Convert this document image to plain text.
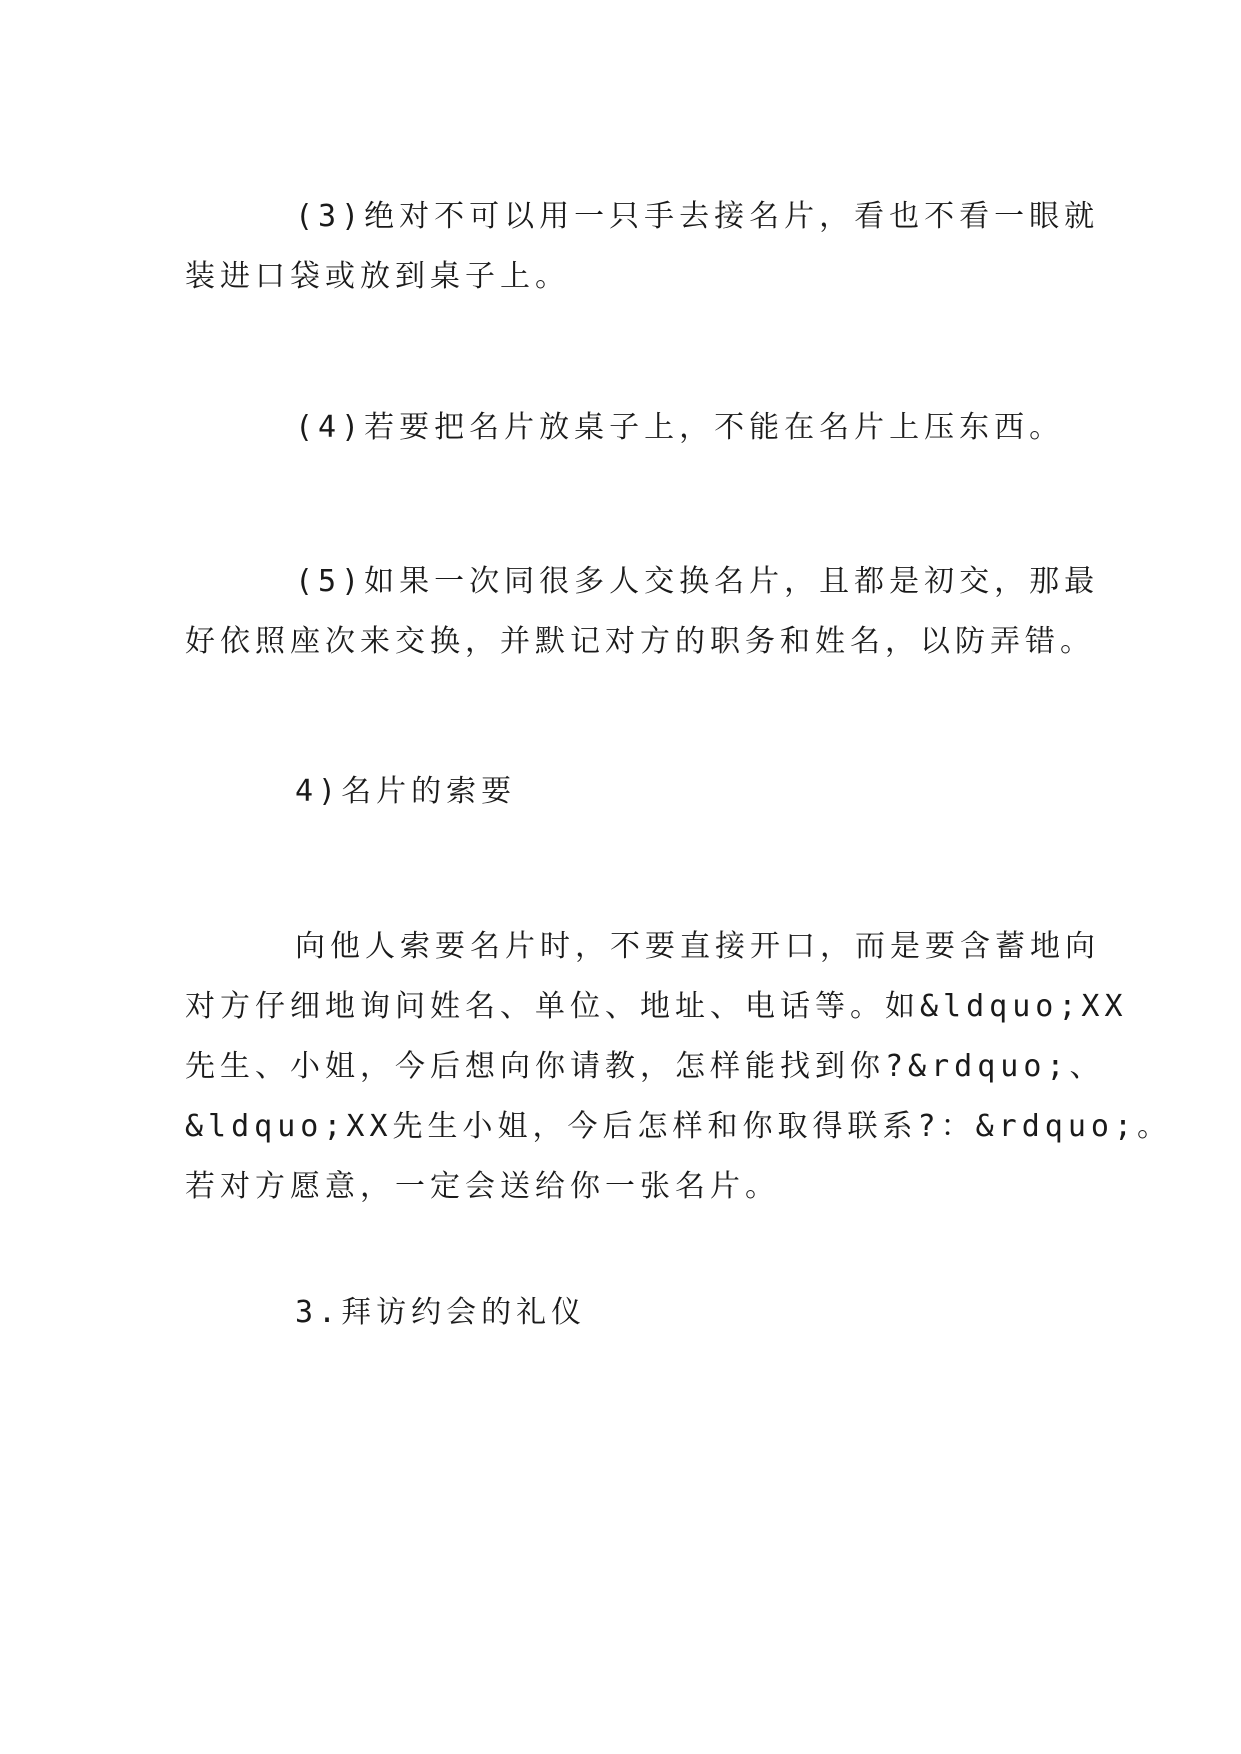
(3)绝对不可以用一只手去接名片，看也不看一眼就
装进口袋或放到桌子上。
(4)若要把名片放桌子上，不能在名片上压东西。
(5)如果一次同很多人交换名片，且都是初交，那最
好依照座次来交换，并默记对方的职务和姓名，以防弄错。

4)名片的索要

向他人索要名片时，不要直接开口，而是要含蓄地向
对方仔细地询问姓名、单位、地址、电话等。如&ldquo;XX
先生、小姐，今后想向你请教，怎样能找到你?&rdquo;、
&ldquo;XX先生小姐，今后怎样和你取得联系?：&rdquo;。
若对方愿意，一定会送给你一张名片。

3.拜访约会的礼仪
